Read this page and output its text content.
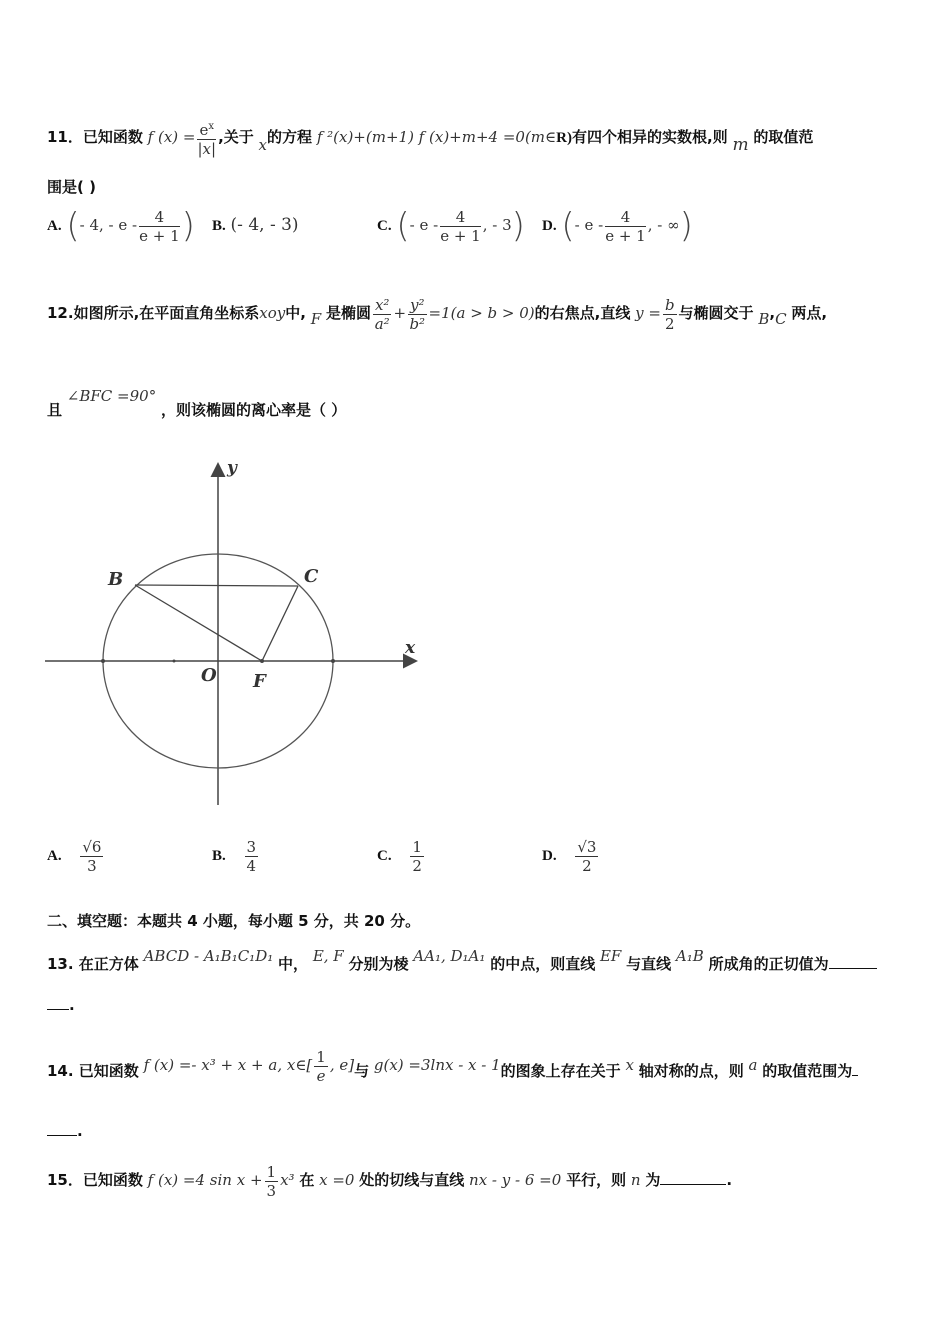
11．已知函数 f $(x) = \frac{e^x}{|x|}$ ,关于 x的方程 f ²(x)+(m+1) f (x)+m+4 =0(m∈R)有四个相异的实数根,则 m 的取值范
围是( )
A. (- 4, - e - $\frac{4}{e + 1}$ ) B. (- 4, - 3)	C. (- e - $\frac{4}{e + 1}$ , - 3) D. (- e - $\frac{4}{e + 1}$ , - ∞)
12.如图所示,在平面直角坐标系xoy中, F 是椭圆 $\frac{\text{x²}}{\text{a²}} + \frac{\text{y²}}{\text{b²}} =1(a > b > 0)$的右焦点,直线 $y = \frac{b}{2}$ 与椭圆交于 B,C 两点,
且 ∠BFC =90° ，则该椭圆的离心率是（ ）
y
x
B	C
O F
A. $\frac{√6}{3}$	B. $\frac{3}{4}$	C. $\frac{1}{2}$	D. $\frac{√3}{2}$
二、填空题：本题共 4 小题，每小题 5 分，共 20 分。
13. 在正方体 ABCD - A₁B₁C₁D₁ 中， E, F 分别为棱 AA₁, D₁A₁ 的中点，则直线 EF 与直线 A₁B 所成角的正切值为
.
14. 已知函数 f (x) =- x³ + x + a, x∈[ $\frac{1}{e}$ , e]与 g(x) =3lnx - x - 1的图象上存在关于 x 轴对称的点，则 a 的取值范围为
.
15．已知函数 f (x) =4 $\sin x + \frac{1}{3} x^3$ 在 x =0 处的切线与直线 nx - y - 6 =0 平行，则 n 为	.
